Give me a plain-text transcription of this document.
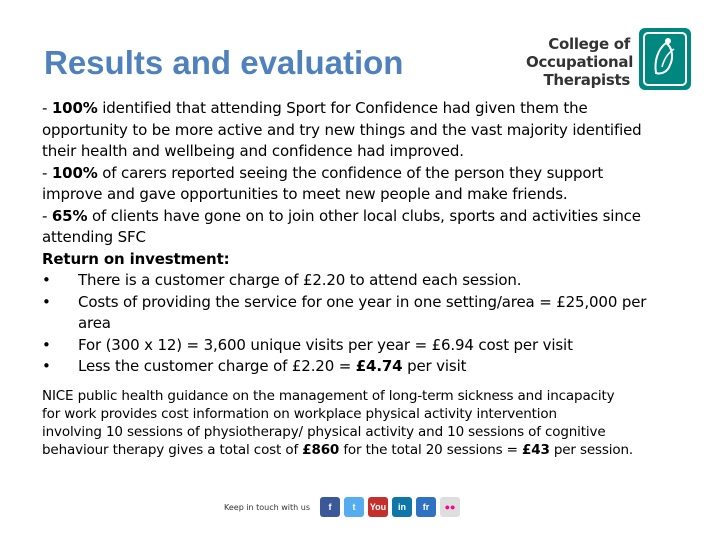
Results and evaluation	College of
Occupational
Therapists
- 100% identified that attending Sport for Confidence had given them the
opportunity to be more active and try new things and the vast majority identified
their health and wellbeing and confidence had improved.
- 100% of carers reported seeing the confidence of the person they support
improve and gave opportunities to meet new people and make friends.
- 65% of clients have gone on to join other local clubs, sports and activities since
attending SFC
Return on investment:
•	There is a customer charge of £2.20 to attend each session.
•	Costs of providing the service for one year in one setting/area = £25,000 per area
•	For (300 x 12) = 3,600 unique visits per year = £6.94 cost per visit
•	Less the customer charge of £2.20 = £4.74 per visit
NICE public health guidance on the management of long-term sickness and incapacity
for work provides cost information on workplace physical activity intervention
involving 10 sessions of physiotherapy/ physical activity and 10 sessions of cognitive
behaviour therapy gives a total cost of £860 for the total 20 sessions = £43 per session.
Keep in touch with us	f	t	You	in	fr	●●
